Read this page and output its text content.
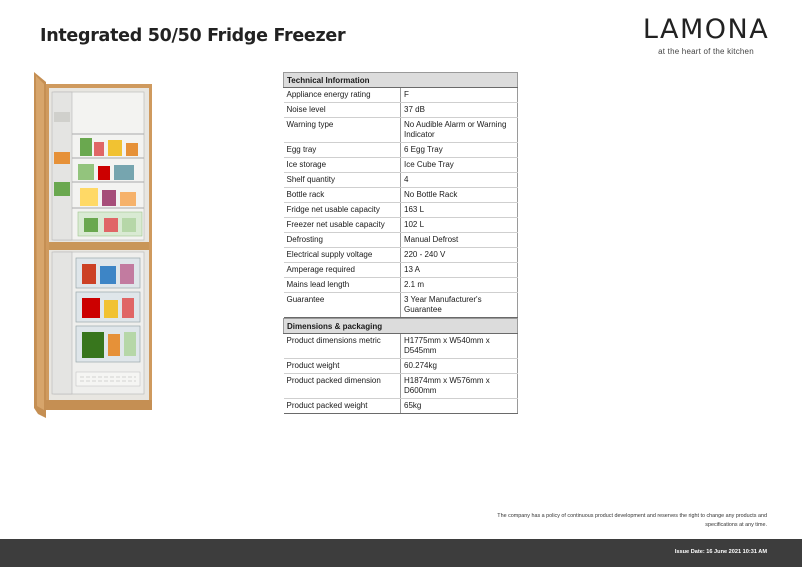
Integrated 50/50 Fridge Freezer	LAMONA
at the heart of the kitchen
Technical Information	
Appliance energy rating	F
Noise level	37 dB
Warning type	No Audible Alarm or Warning Indicator
Egg tray	6 Egg Tray
Ice storage	Ice Cube Tray
Shelf quantity	4
Bottle rack	No Bottle Rack
Fridge net usable capacity	163 L
Freezer net usable capacity	102 L
Defrosting	Manual Defrost
Electrical supply voltage	220 - 240 V
Amperage required	13 A
Mains lead length	2.1 m
Guarantee	3 Year Manufacturer's Guarantee
Dimensions & packaging	
Product dimensions metric	H1775mm x W540mm x D545mm
Product weight	60.274kg
Product packed dimension	H1874mm x W576mm x D600mm
Product packed weight	65kg
The company has a policy of continuous product development and reserves the right to change any products and specifications at any time.
Issue Date: 16 June 2021 10:31 AM
